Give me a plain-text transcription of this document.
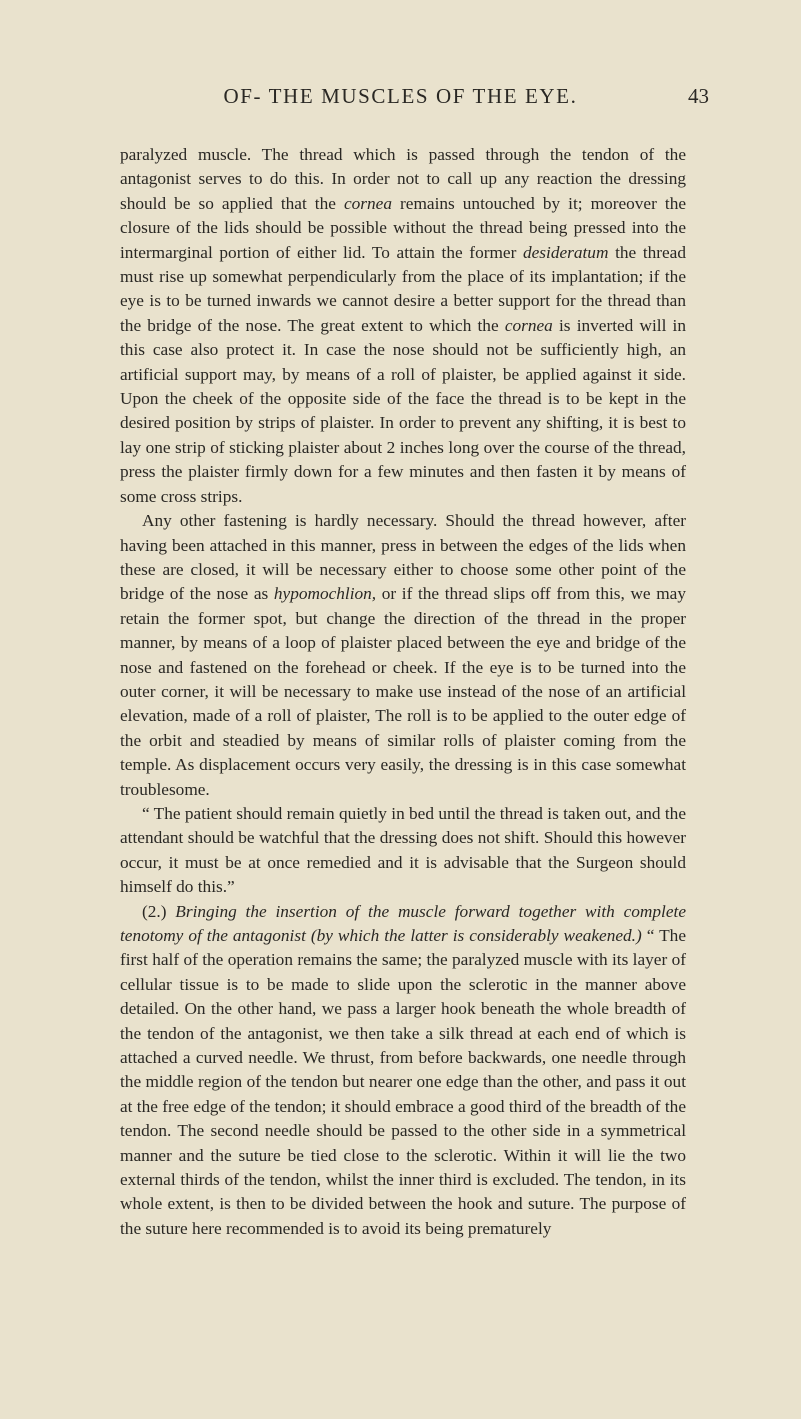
OF- THE MUSCLES OF THE EYE.	43

paralyzed muscle. The thread which is passed through the tendon of the antagonist serves to do this. In order not to call up any reaction the dressing should be so applied that the cornea remains untouched by it; moreover the closure of the lids should be possible without the thread being pressed into the intermarginal portion of either lid. To attain the former desideratum the thread must rise up somewhat perpendicularly from the place of its implantation; if the eye is to be turned inwards we cannot desire a better support for the thread than the bridge of the nose. The great extent to which the cornea is inverted will in this case also protect it. In case the nose should not be sufficiently high, an artificial support may, by means of a roll of plaister, be applied against it side. Upon the cheek of the opposite side of the face the thread is to be kept in the desired position by strips of plaister. In order to prevent any shifting, it is best to lay one strip of sticking plaister about 2 inches long over the course of the thread, press the plaister firmly down for a few minutes and then fasten it by means of some cross strips.

Any other fastening is hardly necessary. Should the thread however, after having been attached in this manner, press in between the edges of the lids when these are closed, it will be necessary either to choose some other point of the bridge of the nose as hypomochlion, or if the thread slips off from this, we may retain the former spot, but change the direction of the thread in the proper manner, by means of a loop of plaister placed between the eye and bridge of the nose and fastened on the forehead or cheek. If the eye is to be turned into the outer corner, it will be necessary to make use instead of the nose of an artificial elevation, made of a roll of plaister, The roll is to be applied to the outer edge of the orbit and steadied by means of similar rolls of plaister coming from the temple. As displacement occurs very easily, the dressing is in this case somewhat troublesome.

“ The patient should remain quietly in bed until the thread is taken out, and the attendant should be watchful that the dressing does not shift. Should this however occur, it must be at once remedied and it is advisable that the Surgeon should himself do this.”

(2.) Bringing the insertion of the muscle forward together with complete tenotomy of the antagonist (by which the latter is considerably weakened.) “ The first half of the operation remains the same; the paralyzed muscle with its layer of cellular tissue is to be made to slide upon the sclerotic in the manner above detailed. On the other hand, we pass a larger hook beneath the whole breadth of the tendon of the antagonist, we then take a silk thread at each end of which is attached a curved needle. We thrust, from before backwards, one needle through the middle region of the tendon but nearer one edge than the other, and pass it out at the free edge of the tendon; it should embrace a good third of the breadth of the tendon. The second needle should be passed to the other side in a symmetrical manner and the suture be tied close to the sclerotic. Within it will lie the two external thirds of the tendon, whilst the inner third is excluded. The tendon, in its whole extent, is then to be divided between the hook and suture. The purpose of the suture here recommended is to avoid its being prematurely
